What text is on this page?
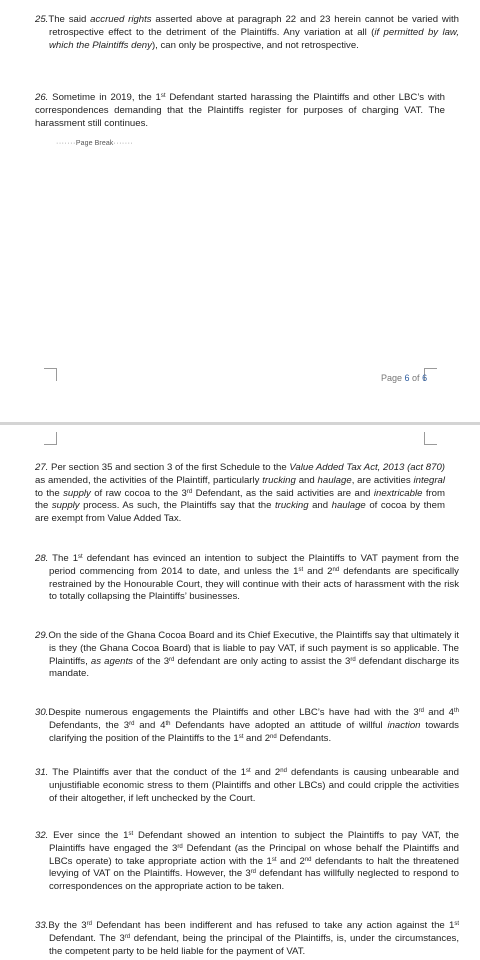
25.The said accrued rights asserted above at paragraph 22 and 23 herein cannot be varied with retrospective effect to the detriment of the Plaintiffs. Any variation at all (if permitted by law, which the Plaintiffs deny), can only be prospective, and not retrospective.

26. Sometime in 2019, the 1st Defendant started harassing the Plaintiffs and other LBC’s with correspondences demanding that the Plaintiffs register for purposes of charging VAT. The harassment still continues.

·······Page Break·······
Page 6 of 6

27. Per section 35 and section 3 of the first Schedule to the Value Added Tax Act, 2013 (act 870) as amended, the activities of the Plaintiff, particularly trucking and haulage, are activities integral to the supply of raw cocoa to the 3rd Defendant, as the said activities are and inextricable from the supply process. As such, the Plaintiffs say that the trucking and haulage of cocoa by them are exempt from Value Added Tax.

28. The 1st defendant has evinced an intention to subject the Plaintiffs to VAT payment from the period commencing from 2014 to date, and unless the 1st and 2nd defendants are specifically restrained by the Honourable Court, they will continue with their acts of harassment with the risk to totally collapsing the Plaintiffs’ businesses.

29.On the side of the Ghana Cocoa Board and its Chief Executive, the Plaintiffs say that ultimately it is they (the Ghana Cocoa Board) that is liable to pay VAT, if such payment is so applicable. The Plaintiffs, as agents of the 3rd defendant are only acting to assist the 3rd defendant discharge its mandate.

30.Despite numerous engagements the Plaintiffs and other LBC’s have had with the 3rd and 4th Defendants, the 3rd and 4th Defendants have adopted an attitude of willful inaction towards clarifying the position of the Plaintiffs to the 1st and 2nd Defendants.

31. The Plaintiffs aver that the conduct of the 1st and 2nd defendants is causing unbearable and unjustifiable economic stress to them (Plaintiffs and other LBCs) and could cripple the activities of their altogether, if left unchecked by the Court.

32. Ever since the 1st Defendant showed an intention to subject the Plaintiffs to pay VAT, the Plaintiffs have engaged the 3rd Defendant (as the Principal on whose behalf the Plaintiffs and LBCs operate) to take appropriate action with the 1st and 2nd defendants to halt the threatened levying of VAT on the Plaintiffs. However, the 3rd defendant has willfully neglected to respond to correspondences on the appropriate action to be taken.

33.By the 3rd Defendant has been indifferent and has refused to take any action against the 1st Defendant. The 3rd defendant, being the principal of the Plaintiffs, is, under the circumstances, the competent party to be held liable for the payment of VAT.
